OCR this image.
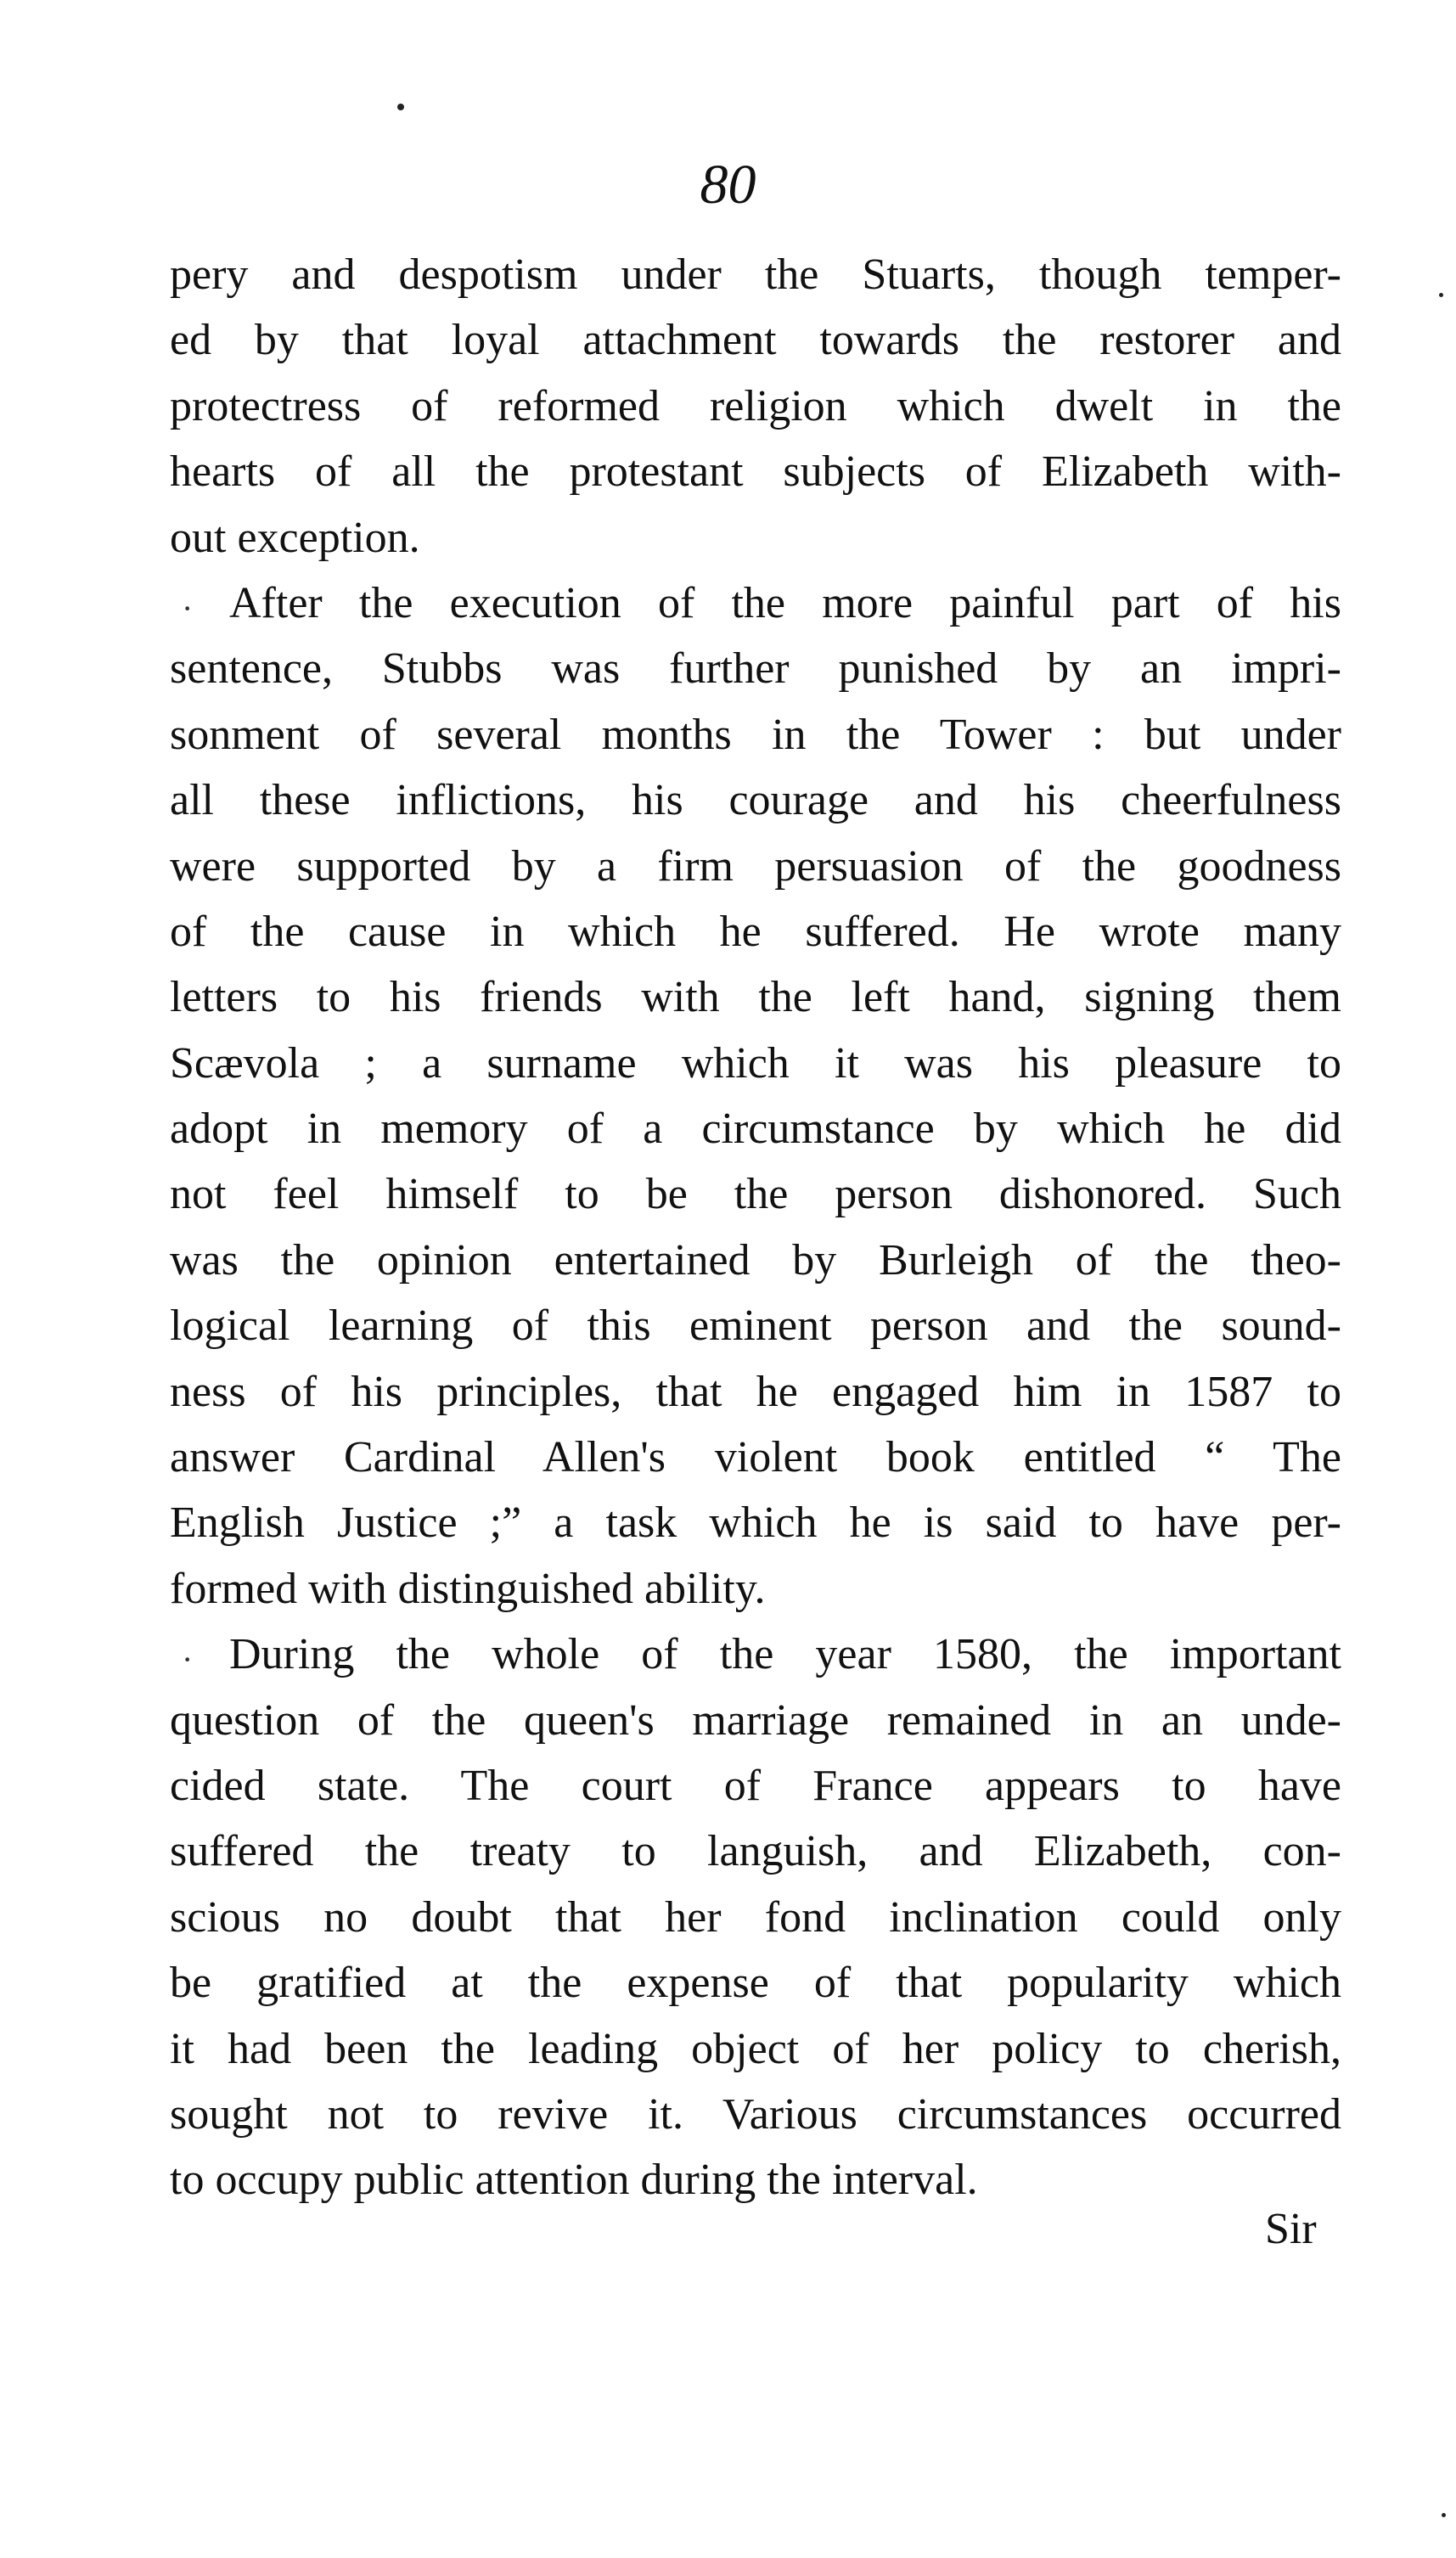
80
pery and despotism under the Stuarts, though temper-
ed by that loyal attachment towards the restorer and
protectress of reformed religion which dwelt in the
hearts of all the protestant subjects of Elizabeth with-
out exception.
After the execution of the more painful part of his
sentence, Stubbs was further punished by an impri-
sonment of several months in the Tower : but under
all these inflictions, his courage and his cheerfulness
were supported by a firm persuasion of the goodness
of the cause in which he suffered. He wrote many
letters to his friends with the left hand, signing them
Scævola ; a surname which it was his pleasure to
adopt in memory of a circumstance by which he did
not feel himself to be the person dishonored. Such
was the opinion entertained by Burleigh of the theo-
logical learning of this eminent person and the sound-
ness of his principles, that he engaged him in 1587 to
answer Cardinal Allen's violent book entitled “ The
English Justice ;” a task which he is said to have per-
formed with distinguished ability.
During the whole of the year 1580, the important
question of the queen's marriage remained in an unde-
cided state. The court of France appears to have
suffered the treaty to languish, and Elizabeth, con-
scious no doubt that her fond inclination could only
be gratified at the expense of that popularity which
it had been the leading object of her policy to cherish,
sought not to revive it. Various circumstances occurred
to occupy public attention during the interval.
·
·
Sir
